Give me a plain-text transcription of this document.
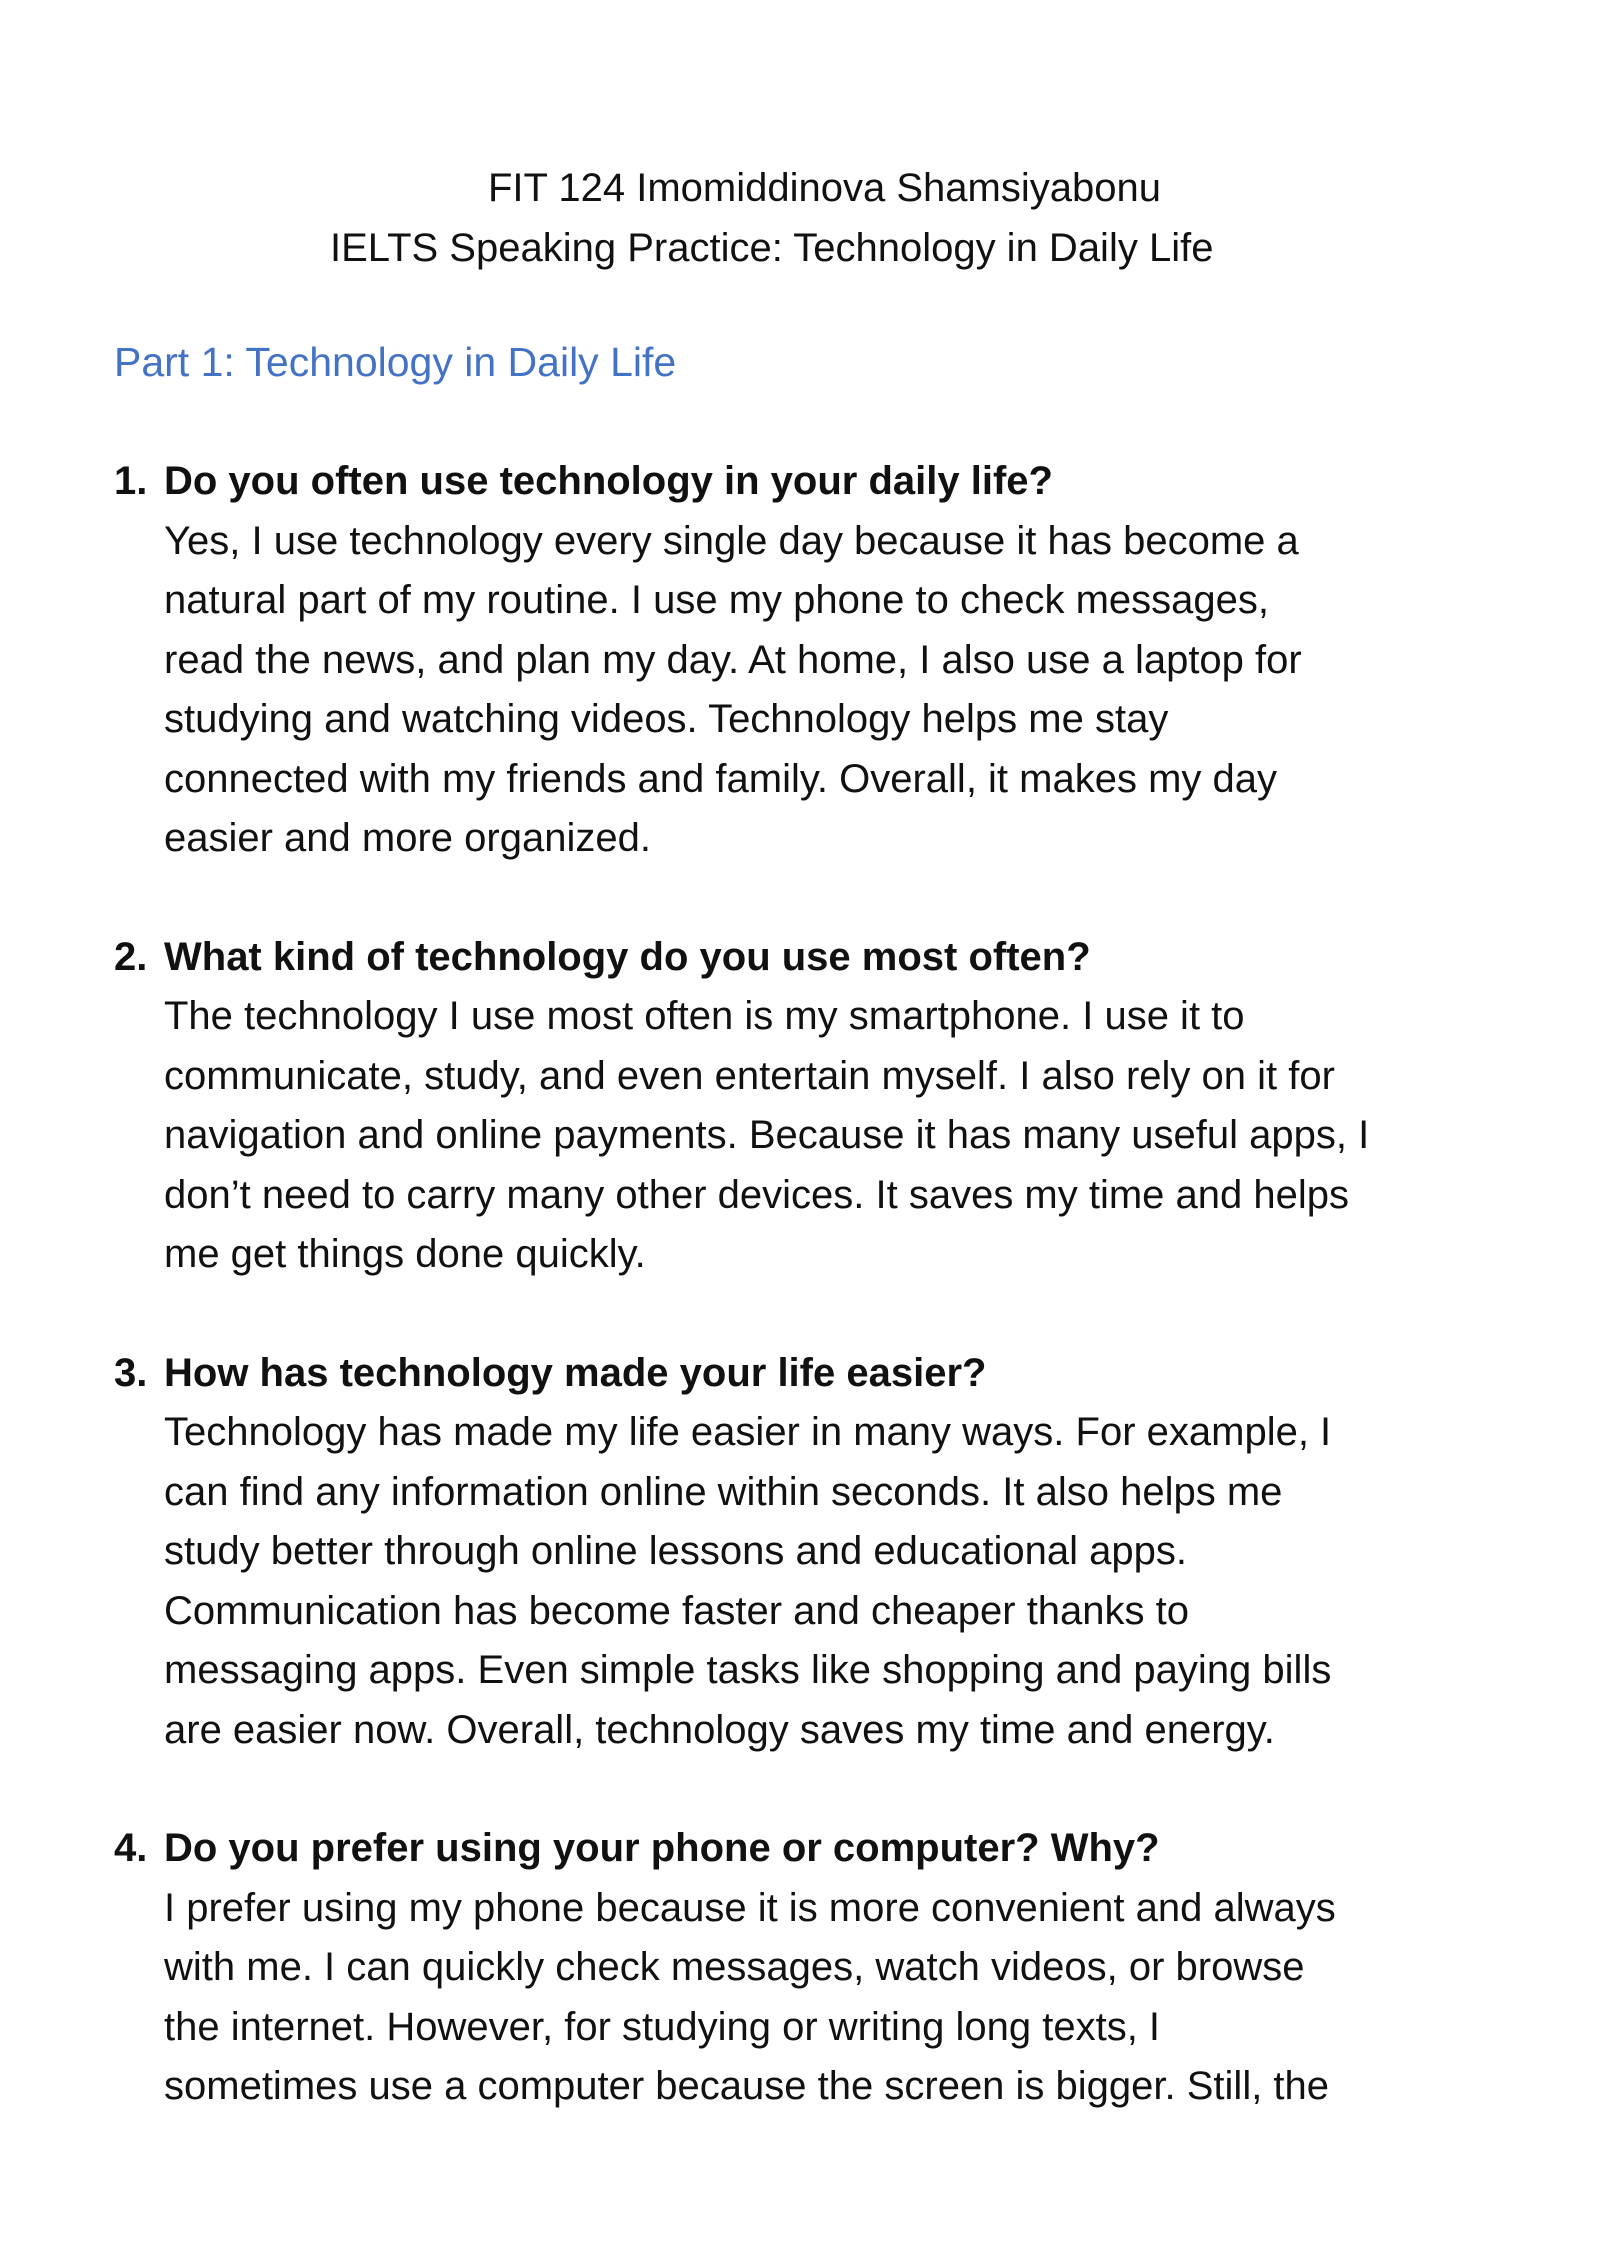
FIT 124 Imomiddinova Shamsiyabonu
IELTS Speaking Practice: Technology in Daily Life
Part 1: Technology in Daily Life
1. Do you often use technology in your daily life?
Yes, I use technology every single day because it has become a
natural part of my routine. I use my phone to check messages,
read the news, and plan my day. At home, I also use a laptop for
studying and watching videos. Technology helps me stay
connected with my friends and family. Overall, it makes my day
easier and more organized.
2. What kind of technology do you use most often?
The technology I use most often is my smartphone. I use it to
communicate, study, and even entertain myself. I also rely on it for
navigation and online payments. Because it has many useful apps, I
don’t need to carry many other devices. It saves my time and helps
me get things done quickly.
3. How has technology made your life easier?
Technology has made my life easier in many ways. For example, I
can find any information online within seconds. It also helps me
study better through online lessons and educational apps.
Communication has become faster and cheaper thanks to
messaging apps. Even simple tasks like shopping and paying bills
are easier now. Overall, technology saves my time and energy.
4. Do you prefer using your phone or computer? Why?
I prefer using my phone because it is more convenient and always
with me. I can quickly check messages, watch videos, or browse
the internet. However, for studying or writing long texts, I
sometimes use a computer because the screen is bigger. Still, the
